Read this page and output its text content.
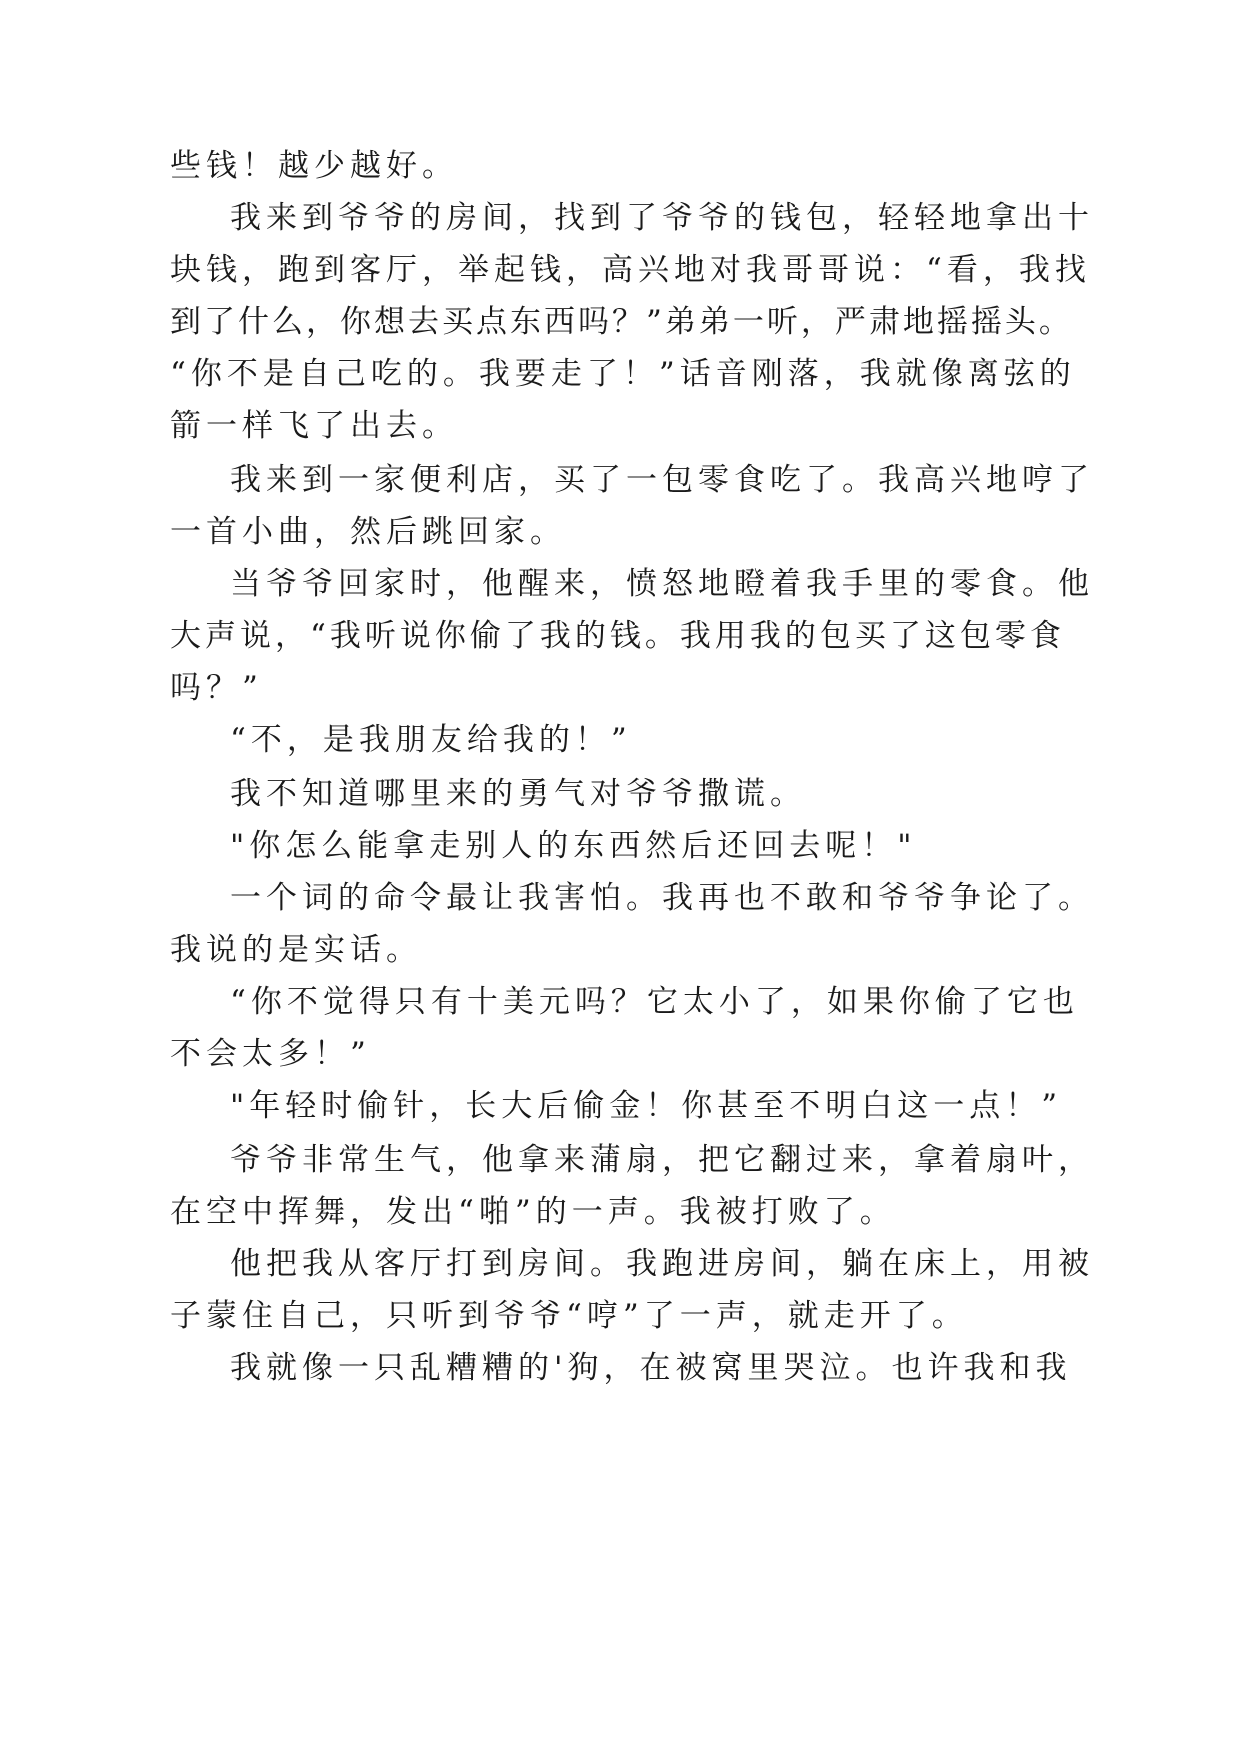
些钱！越少越好。
我来到爷爷的房间，找到了爷爷的钱包，轻轻地拿出十
块钱，跑到客厅，举起钱，高兴地对我哥哥说：“看，我找
到了什么，你想去买点东西吗？”弟弟一听，严肃地摇摇头。
“你不是自己吃的。我要走了！”话音刚落，我就像离弦的
箭一样飞了出去。
我来到一家便利店，买了一包零食吃了。我高兴地哼了
一首小曲，然后跳回家。
当爷爷回家时，他醒来，愤怒地瞪着我手里的零食。他
大声说，“我听说你偷了我的钱。我用我的包买了这包零食
吗？”
“不，是我朋友给我的！”
我不知道哪里来的勇气对爷爷撒谎。
"你怎么能拿走别人的东西然后还回去呢！"
一个词的命令最让我害怕。我再也不敢和爷爷争论了。
我说的是实话。
“你不觉得只有十美元吗？它太小了，如果你偷了它也
不会太多！”
"年轻时偷针，长大后偷金！你甚至不明白这一点！”
爷爷非常生气，他拿来蒲扇，把它翻过来，拿着扇叶，
在空中挥舞，发出“啪”的一声。我被打败了。
他把我从客厅打到房间。我跑进房间，躺在床上，用被
子蒙住自己，只听到爷爷“哼”了一声，就走开了。
我就像一只乱糟糟的'狗，在被窝里哭泣。也许我和我
